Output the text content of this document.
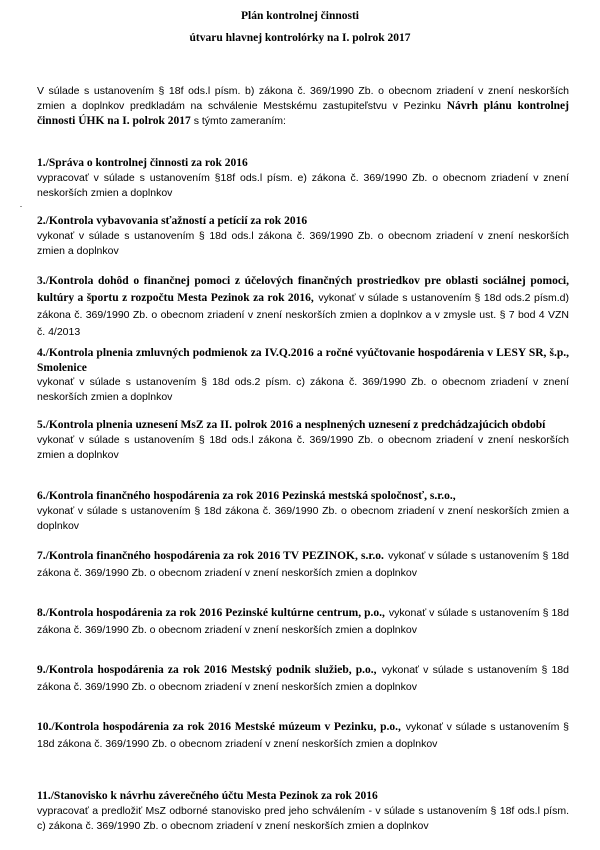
Plán kontrolnej činnosti
útvaru hlavnej kontrolórky na I. polrok 2017
V súlade s ustanovením § 18f ods.l písm. b) zákona č. 369/1990 Zb. o obecnom zriadení v znení neskorších zmien a doplnkov predkladám na schválenie Mestskému zastupiteľstvu v Pezinku Návrh plánu kontrolnej činnosti ÚHK na I. polrok 2017 s týmto zameraním:
1./Správa o kontrolnej činnosti za rok 2016
vypracovať v súlade s ustanovením §18f ods.l písm. e) zákona č. 369/1990 Zb. o obecnom zriadení v znení neskorších zmien a doplnkov
2./Kontrola vybavovania sťažností a petícií za rok 2016
vykonať v súlade s ustanovením § 18d ods.l zákona č. 369/1990 Zb. o obecnom zriadení v znení neskorších zmien a doplnkov
3./Kontrola dohôd o finančnej pomoci z účelových finančných prostriedkov pre oblasti sociálnej pomoci, kultúry a športu z rozpočtu Mesta Pezinok za rok 2016, vykonať v súlade s ustanovením § 18d ods.2 písm.d) zákona č. 369/1990 Zb. o obecnom zriadení v znení neskorších zmien a doplnkov a v zmysle ust. § 7 bod 4 VZN č. 4/2013
4./Kontrola plnenia zmluvných podmienok za IV.Q.2016 a ročné vyúčtovanie hospodárenia v LESY SR, š.p., Smolenice
vykonať v súlade s ustanovením § 18d ods.2 písm. c) zákona č. 369/1990 Zb. o obecnom zriadení v znení neskorších zmien a doplnkov
5./Kontrola plnenia uznesení MsZ za II. polrok 2016 a nesplnených uznesení z predchádzajúcich období
vykonať v súlade s ustanovením § 18d ods.l zákona č. 369/1990 Zb. o obecnom zriadení v znení neskorších zmien a doplnkov
6./Kontrola finančného hospodárenia za rok 2016 Pezinská mestská spoločnosť, s.r.o.,
vykonať v súlade s ustanovením § 18d zákona č. 369/1990 Zb. o obecnom zriadení v znení neskorších zmien a doplnkov
7./Kontrola finančného hospodárenia za rok 2016 TV PEZINOK, s.r.o. vykonať v súlade s ustanovením § 18d zákona č. 369/1990 Zb. o obecnom zriadení v znení neskorších zmien a doplnkov
8./Kontrola hospodárenia za rok 2016 Pezinské kultúrne centrum, p.o., vykonať v súlade s ustanovením § 18d zákona č. 369/1990 Zb. o obecnom zriadení v znení neskorších zmien a doplnkov
9./Kontrola hospodárenia za rok 2016 Mestský podnik služieb, p.o., vykonať v súlade s ustanovením § 18d zákona č. 369/1990 Zb. o obecnom zriadení v znení neskorších zmien a doplnkov
10./Kontrola hospodárenia za rok 2016 Mestské múzeum v Pezinku, p.o., vykonať v súlade s ustanovením § 18d zákona č. 369/1990 Zb. o obecnom zriadení v znení neskorších zmien a doplnkov
11./Stanovisko k návrhu záverečného účtu Mesta Pezinok za rok 2016
vypracovať a predložiť MsZ odborné stanovisko pred jeho schválením - v súlade s ustanovením § 18f ods.l písm. c) zákona č. 369/1990 Zb. o obecnom zriadení v znení neskorších zmien a doplnkov
